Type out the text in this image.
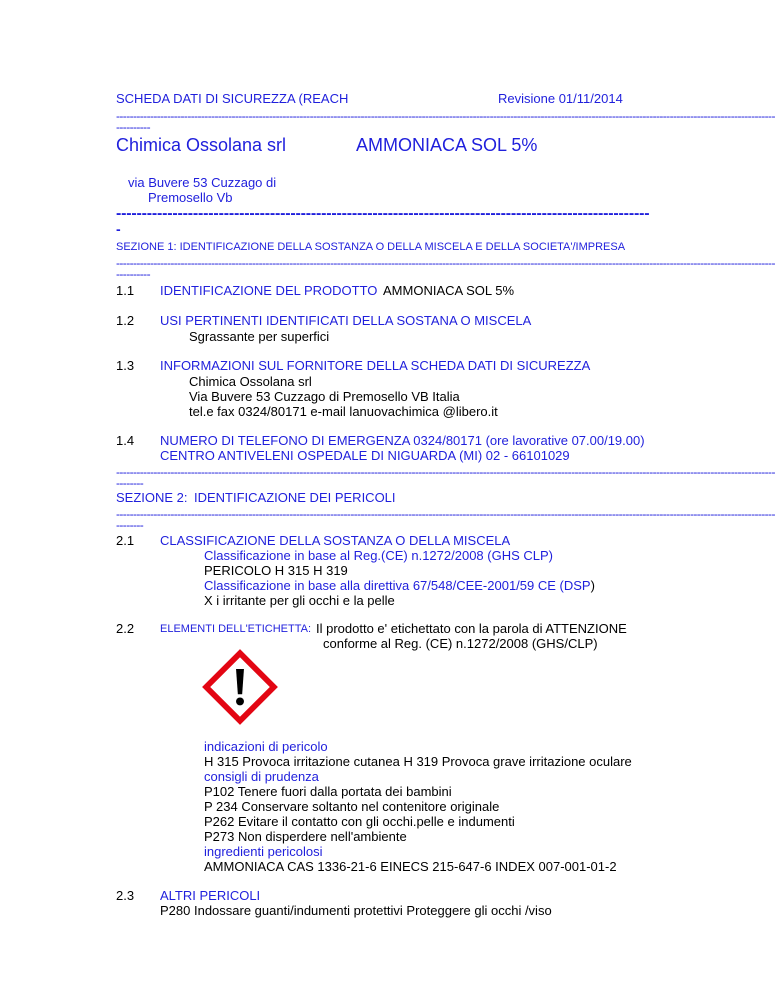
SCHEDA DATI DI SICUREZZA (REACH	Revisione 01/11/2014
--------------------------------------------------------------------------------------------------------------------------------------------------------------------------------------------------
----------
Chimica Ossolana srl	AMMONIACA SOL 5%
via Buvere 53 Cuzzago di
Premosello Vb
--------------------------------------------------------------------------------------------------------
-
SEZIONE 1: IDENTIFICAZIONE DELLA SOSTANZA O DELLA MISCELA E DELLA SOCIETA'/IMPRESA
--------------------------------------------------------------------------------------------------------------------------------------------------------------------------------------------------
----------
1.1 IDENTIFICAZIONE DEL PRODOTTO AMMONIACA SOL 5%
1.2 USI PERTINENTI IDENTIFICATI DELLA SOSTANA O MISCELA
Sgrassante per superfici
1.3 INFORMAZIONI SUL FORNITORE DELLA SCHEDA DATI DI SICUREZZA
Chimica Ossolana srl
Via Buvere 53 Cuzzago di Premosello VB Italia
tel.e fax 0324/80171 e-mail lanuovachimica @libero.it
1.4 NUMERO DI TELEFONO DI EMERGENZA 0324/80171 (ore lavorative 07.00/19.00)
CENTRO ANTIVELENI OSPEDALE DI NIGUARDA (MI) 02 - 66101029
--------------------------------------------------------------------------------------------------------------------------------------------------------------------------------------------------
--------
SEZIONE 2: IDENTIFICAZIONE DEI PERICOLI
--------------------------------------------------------------------------------------------------------------------------------------------------------------------------------------------------
--------
2.1 CLASSIFICAZIONE DELLA SOSTANZA O DELLA MISCELA
Classificazione in base al Reg.(CE) n.1272/2008 (GHS CLP)
PERICOLO H 315 H 319
Classificazione in base alla direttiva 67/548/CEE-2001/59 CE (DSP)
X i irritante per gli occhi e la pelle
2.2 ELEMENTI DELL'ETICHETTA: Il prodotto e' etichettato con la parola di ATTENZIONE
conforme al Reg. (CE) n.1272/2008 (GHS/CLP)
indicazioni di pericolo
H 315 Provoca irritazione cutanea H 319 Provoca grave irritazione oculare
consigli di prudenza
P102 Tenere fuori dalla portata dei bambini
P 234 Conservare soltanto nel contenitore originale
P262 Evitare il contatto con gli occhi.pelle e indumenti
P273 Non disperdere nell'ambiente
ingredienti pericolosi
AMMONIACA CAS 1336-21-6 EINECS 215-647-6 INDEX 007-001-01-2
2.3 ALTRI PERICOLI
P280 Indossare guanti/indumenti protettivi Proteggere gli occhi /viso
